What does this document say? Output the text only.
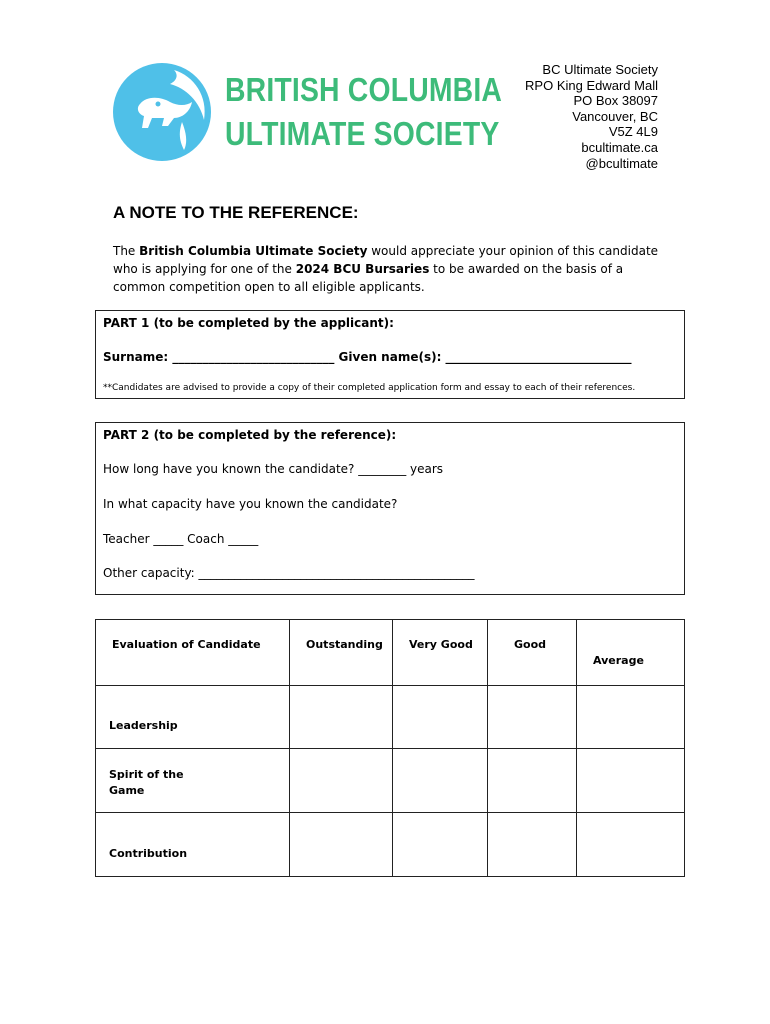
BRITISH COLUMBIA
ULTIMATE SOCIETY
BC Ultimate Society
RPO King Edward Mall
PO Box 38097
Vancouver, BC
V5Z 4L9
bcultimate.ca
@bcultimate
A NOTE TO THE REFERENCE:
The British Columbia Ultimate Society would appreciate your opinion of this candidate who is applying for one of the 2024 BCU Bursaries to be awarded on the basis of a common competition open to all eligible applicants.
PART 1 (to be completed by the applicant):
Surname: ___________________________ Given name(s): _______________________________
**Candidates are advised to provide a copy of their completed application form and essay to each of their references.
PART 2 (to be completed by the reference):
How long have you known the candidate? ________ years
In what capacity have you known the candidate?
Teacher _____ Coach _____
Other capacity: ______________________________________________
Evaluation of Candidate	Outstanding	Very Good	Good	Average

Leadership				

Spirit of the Game				

Contribution				
